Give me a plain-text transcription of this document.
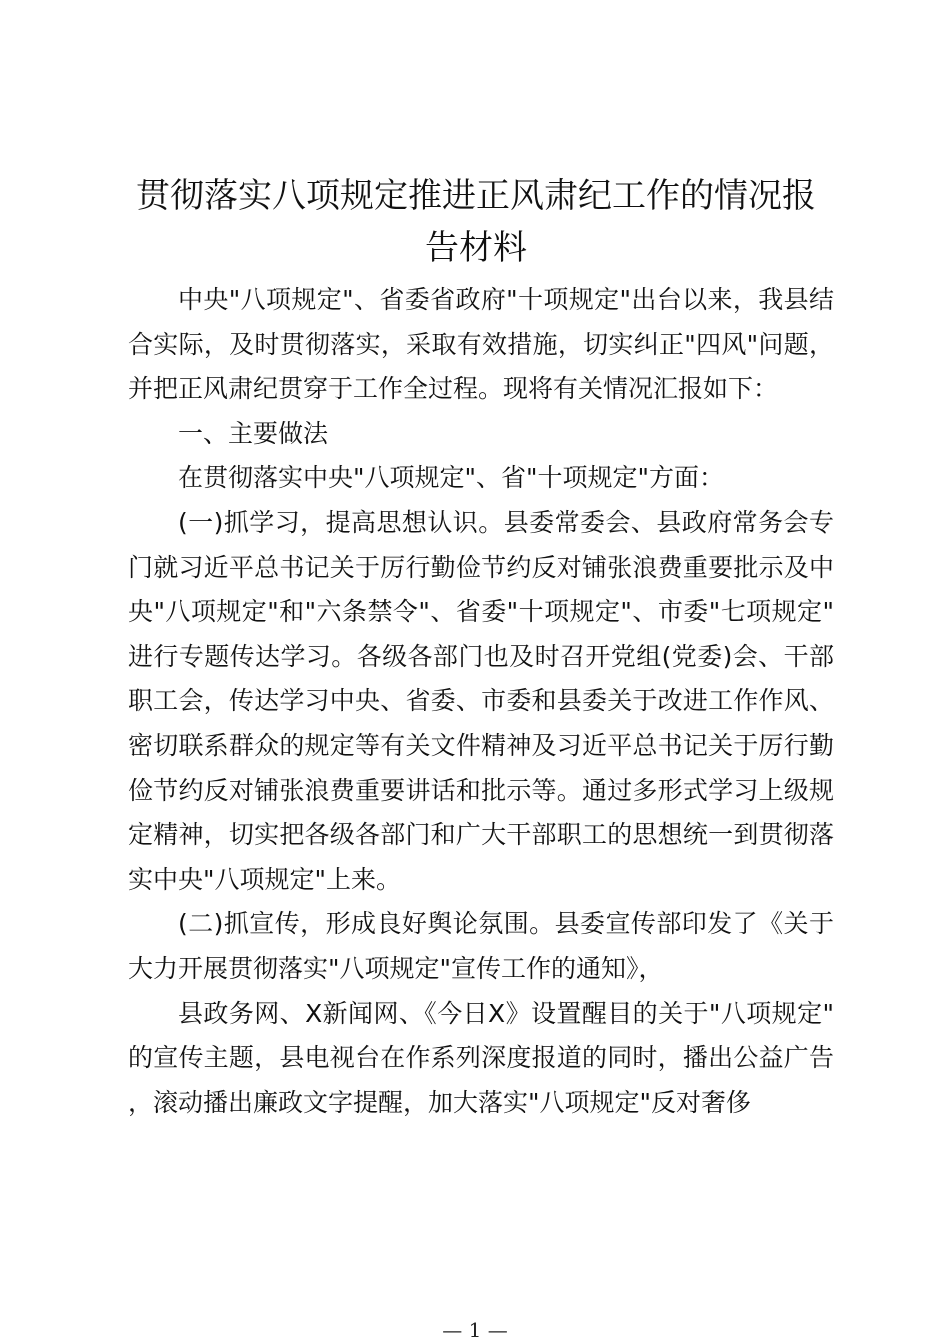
贯彻落实八项规定推进正风肃纪工作的情况报告材料

中央"八项规定"、省委省政府"十项规定"出台以来，我县结合实际，及时贯彻落实，采取有效措施，切实纠正"四风"问题，并把正风肃纪贯穿于工作全过程。现将有关情况汇报如下：

一、主要做法

在贯彻落实中央"八项规定"、省"十项规定"方面：

(一)抓学习，提高思想认识。县委常委会、县政府常务会专门就习近平总书记关于厉行勤俭节约反对铺张浪费重要批示及中央"八项规定"和"六条禁令"、省委"十项规定"、市委"七项规定"进行专题传达学习。各级各部门也及时召开党组(党委)会、干部职工会，传达学习中央、省委、市委和县委关于改进工作作风、密切联系群众的规定等有关文件精神及习近平总书记关于厉行勤俭节约反对铺张浪费重要讲话和批示等。通过多形式学习上级规定精神，切实把各级各部门和广大干部职工的思想统一到贯彻落实中央"八项规定"上来。

(二)抓宣传，形成良好舆论氛围。县委宣传部印发了《关于大力开展贯彻落实"八项规定"宣传工作的通知》，

县政务网、X新闻网、《今日X》设置醒目的关于"八项规定"的宣传主题，县电视台在作系列深度报道的同时，播出公益广告，滚动播出廉政文字提醒，加大落实"八项规定"反对奢侈

— 1 —
